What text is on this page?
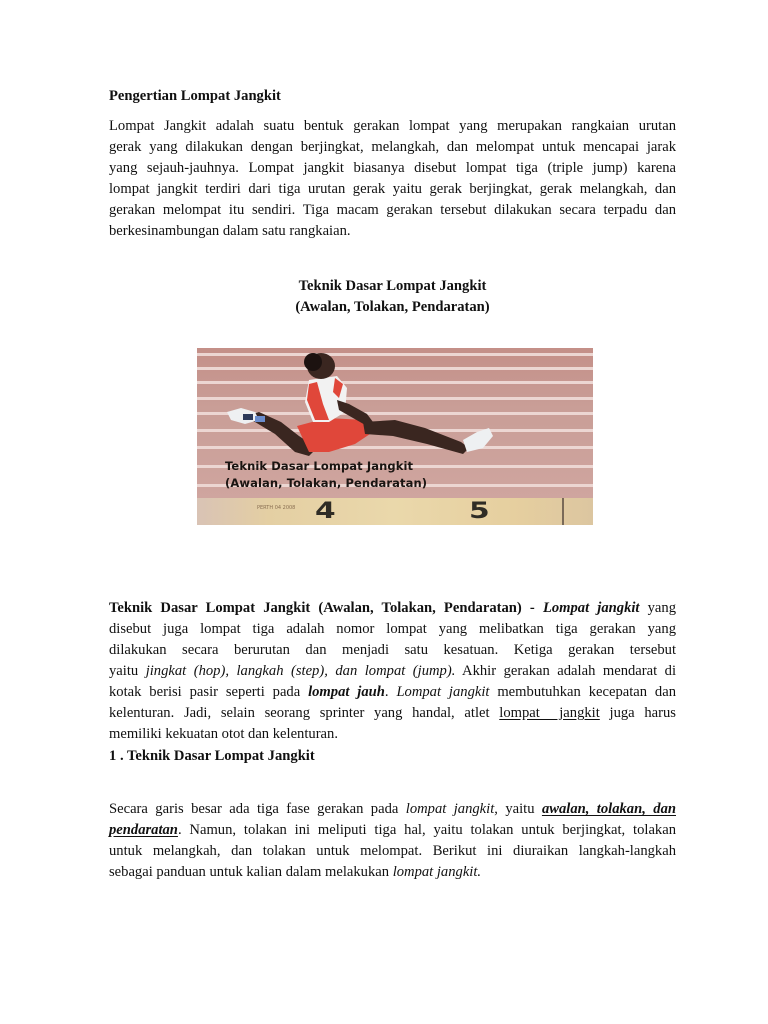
Pengertian Lompat Jangkit
Lompat Jangkit adalah suatu bentuk gerakan lompat yang merupakan rangkaian urutan
gerak yang dilakukan dengan berjingkat, melangkah, dan melompat untuk mencapai jarak
yang sejauh-jauhnya. Lompat jangkit biasanya disebut lompat tiga (triple jump) karena
lompat jangkit terdiri dari tiga urutan gerak yaitu gerak berjingkat, gerak melangkah, dan
gerakan melompat itu sendiri. Tiga macam gerakan tersebut dilakukan secara terpadu dan
berkesinambungan dalam satu rangkaian.
Teknik Dasar Lompat Jangkit
(Awalan, Tolakan, Pendaratan)
Teknik Dasar Lompat Jangkit
(Awalan, Tolakan, Pendaratan)
PERTH 04 2008 4	5
Teknik Dasar Lompat Jangkit (Awalan, Tolakan, Pendaratan) - Lompat jangkit yang
disebut juga lompat tiga adalah nomor lompat yang melibatkan tiga gerakan yang
dilakukan secara berurutan dan menjadi satu kesatuan. Ketiga gerakan tersebut
yaitu jingkat (hop), langkah (step), dan lompat (jump). Akhir gerakan adalah mendarat di
kotak berisi pasir seperti pada lompat jauh. Lompat jangkit membutuhkan kecepatan dan
kelenturan. Jadi, selain seorang sprinter yang handal, atlet lompat  jangkit juga harus
memiliki kekuatan otot dan kelenturan.
1 . Teknik Dasar Lompat Jangkit
Secara garis besar ada tiga fase gerakan pada lompat jangkit, yaitu awalan, tolakan, dan
pendaratan. Namun, tolakan ini meliputi tiga hal, yaitu tolakan untuk berjingkat, tolakan
untuk melangkah, dan tolakan untuk melompat. Berikut ini diuraikan langkah-langkah
sebagai panduan untuk kalian dalam melakukan lompat jangkit.
